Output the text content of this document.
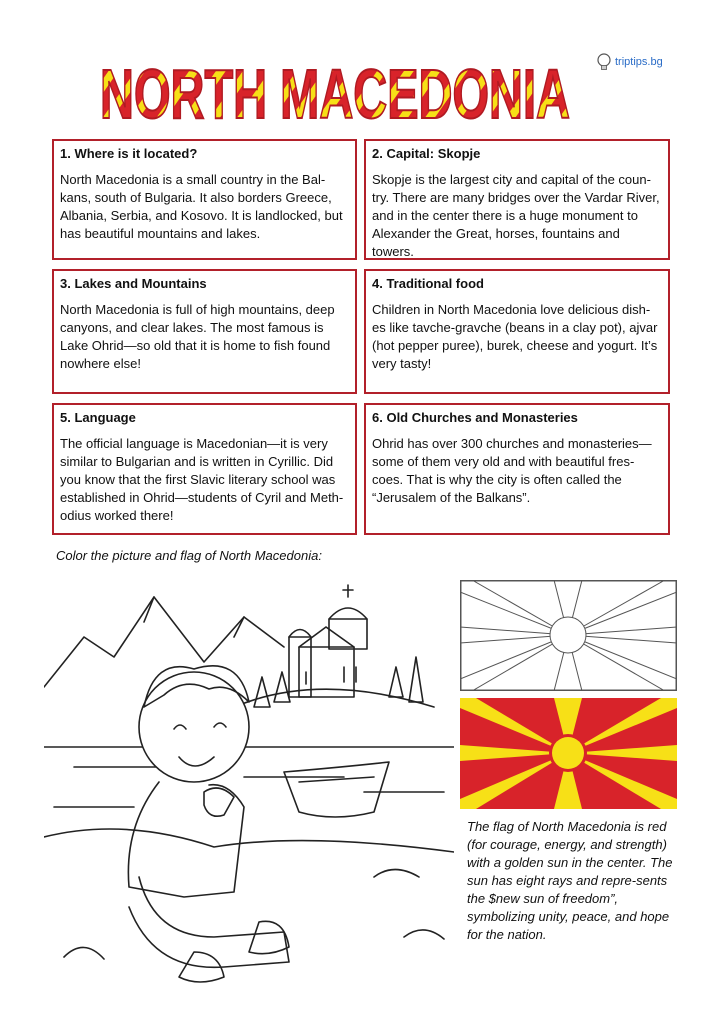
NORTH MACEDONIA	triptips.bg
1. Where is it located?

North Macedonia is a small country in the Bal-kans, south of Bulgaria. It also borders Greece, Albania, Serbia, and Kosovo. It is landlocked, but has beautiful mountains and lakes.

2. Capital: Skopje

Skopje is the largest city and capital of the coun-try. There are many bridges over the Vardar River, and in the center there is a huge monument to Alexander the Great, horses, fountains and towers.

3. Lakes and Mountains

North Macedonia is full of high mountains, deep canyons, and clear lakes. The most famous is Lake Ohrid—so old that it is home to fish found nowhere else!

4. Traditional food

Children in North Macedonia love delicious dish-es like tavche-gravche (beans in a clay pot), ajvar (hot pepper puree), burek, cheese and yogurt. It’s very tasty!

5. Language

The official language is Macedonian—it is very similar to Bulgarian and is written in Cyrillic. Did you know that the first Slavic literary school was established in Ohrid—students of Cyril and Meth-odius worked there!

6. Old Churches and Monasteries

Ohrid has over 300 churches and monasteries—some of them very old and with beautiful fres-coes. That is why the city is often called the “Jerusalem of the Balkans”.

Color the picture and flag of North Macedonia:
The flag of North Macedonia is red (for courage, energy, and strength) with a golden sun in the center. The sun has eight rays and repre-sents the $new sun of freedom”, symbolizing unity, peace, and hope for the nation.
